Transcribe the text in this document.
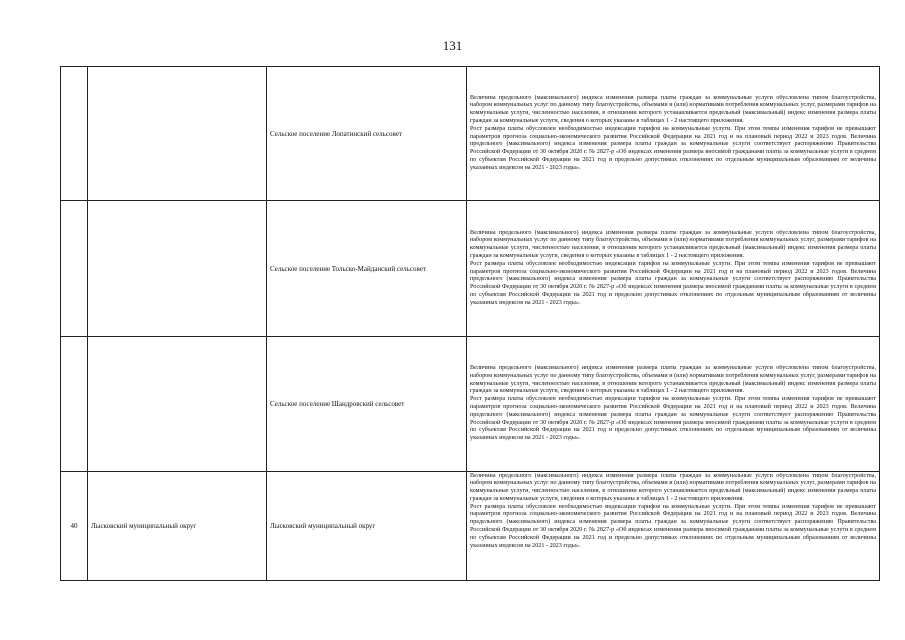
131
		Сельское поселение Лопатинский сельсовет	Величина предельного (максимального) индекса изменения размера платы граждан за коммунальные услуги обусловлена типом благоустройства, набором коммунальных услуг по данному типу благоустройства, объемами и (или) нормативами потребления коммунальных услуг, размерами тарифов на коммунальные услуги, численностью населения, в отношении которого устанавливается предельный (максимальный) индекс изменения размера платы граждан за коммунальные услуги, сведения о которых указаны в таблицах 1 - 2 настоящего приложения.

Рост размера платы обусловлен необходимостью индексации тарифов на коммунальные услуги. При этом темпы изменения тарифов не превышают параметров прогноза социально-экономического развития Российской Федерации на 2021 год и на плановый период 2022 и 2023 годов. Величина предельного (максимального) индекса изменения размера платы граждан за коммунальные услуги соответствует распоряжению Правительства Российской Федерации от 30 октября 2020 г. № 2827-р «Об индексах изменения размера вносимой гражданами платы за коммунальные услуги в среднем по субъектам Российской Федерации на 2021 год и предельно допустимых отклонениях по отдельным муниципальным образованиям от величины указанных индексов на 2021 - 2023 годы».

		Сельское поселение Тольско-Майданский сельсовет	Величина предельного (максимального) индекса изменения размера платы граждан за коммунальные услуги обусловлена типом благоустройства, набором коммунальных услуг по данному типу благоустройства, объемами и (или) нормативами потребления коммунальных услуг, размерами тарифов на коммунальные услуги, численностью населения, в отношении которого устанавливается предельный (максимальный) индекс изменения размера платы граждан за коммунальные услуги, сведения о которых указаны в таблицах 1 - 2 настоящего приложения.

Рост размера платы обусловлен необходимостью индексации тарифов на коммунальные услуги. При этом темпы изменения тарифов не превышают параметров прогноза социально-экономического развития Российской Федерации на 2021 год и на плановый период 2022 и 2023 годов. Величина предельного (максимального) индекса изменения размера платы граждан за коммунальные услуги соответствует распоряжению Правительства Российской Федерации от 30 октября 2020 г. № 2827-р «Об индексах изменения размера вносимой гражданами платы за коммунальные услуги в среднем по субъектам Российской Федерации на 2021 год и предельно допустимых отклонениях по отдельным муниципальным образованиям от величины указанных индексов на 2021 - 2023 годы».

		Сельское поселение Шандровский сельсовет	Величина предельного (максимального) индекса изменения размера платы граждан за коммунальные услуги обусловлена типом благоустройства, набором коммунальных услуг по данному типу благоустройства, объемами и (или) нормативами потребления коммунальных услуг, размерами тарифов на коммунальные услуги, численностью населения, в отношении которого устанавливается предельный (максимальный) индекс изменения размера платы граждан за коммунальные услуги, сведения о которых указаны в таблицах 1 - 2 настоящего приложения.

Рост размера платы обусловлен необходимостью индексации тарифов на коммунальные услуги. При этом темпы изменения тарифов не превышают параметров прогноза социально-экономического развития Российской Федерации на 2021 год и на плановый период 2022 и 2023 годов. Величина предельного (максимального) индекса изменения размера платы граждан за коммунальные услуги соответствует распоряжению Правительства Российской Федерации от 30 октября 2020 г. № 2827-р «Об индексах изменения размера вносимой гражданами платы за коммунальные услуги в среднем по субъектам Российской Федерации на 2021 год и предельно допустимых отклонениях по отдельным муниципальным образованиям от величины указанных индексов на 2021 - 2023 годы».

40	Лысковский муниципальный округ	Лысковский муниципальный округ	Величина предельного (максимального) индекса изменения размера платы граждан за коммунальные услуги обусловлена типом благоустройства, набором коммунальных услуг по данному типу благоустройства, объемами и (или) нормативами потребления коммунальных услуг, размерами тарифов на коммунальные услуги, численностью населения, в отношении которого устанавливается предельный (максимальный) индекс изменения размера платы граждан за коммунальные услуги, сведения о которых указаны в таблицах 1 - 2 настоящего приложения.

Рост размера платы обусловлен необходимостью индексации тарифов на коммунальные услуги. При этом темпы изменения тарифов не превышают параметров прогноза социально-экономического развития Российской Федерации на 2021 год и на плановый период 2022 и 2023 годов. Величина предельного (максимального) индекса изменения размера платы граждан за коммунальные услуги соответствует распоряжению Правительства Российской Федерации от 30 октября 2020 г. № 2827-р «Об индексах изменения размера вносимой гражданами платы за коммунальные услуги в среднем по субъектам Российской Федерации на 2021 год и предельно допустимых отклонениях по отдельным муниципальным образованиям от величины указанных индексов на 2021 - 2023 годы».
